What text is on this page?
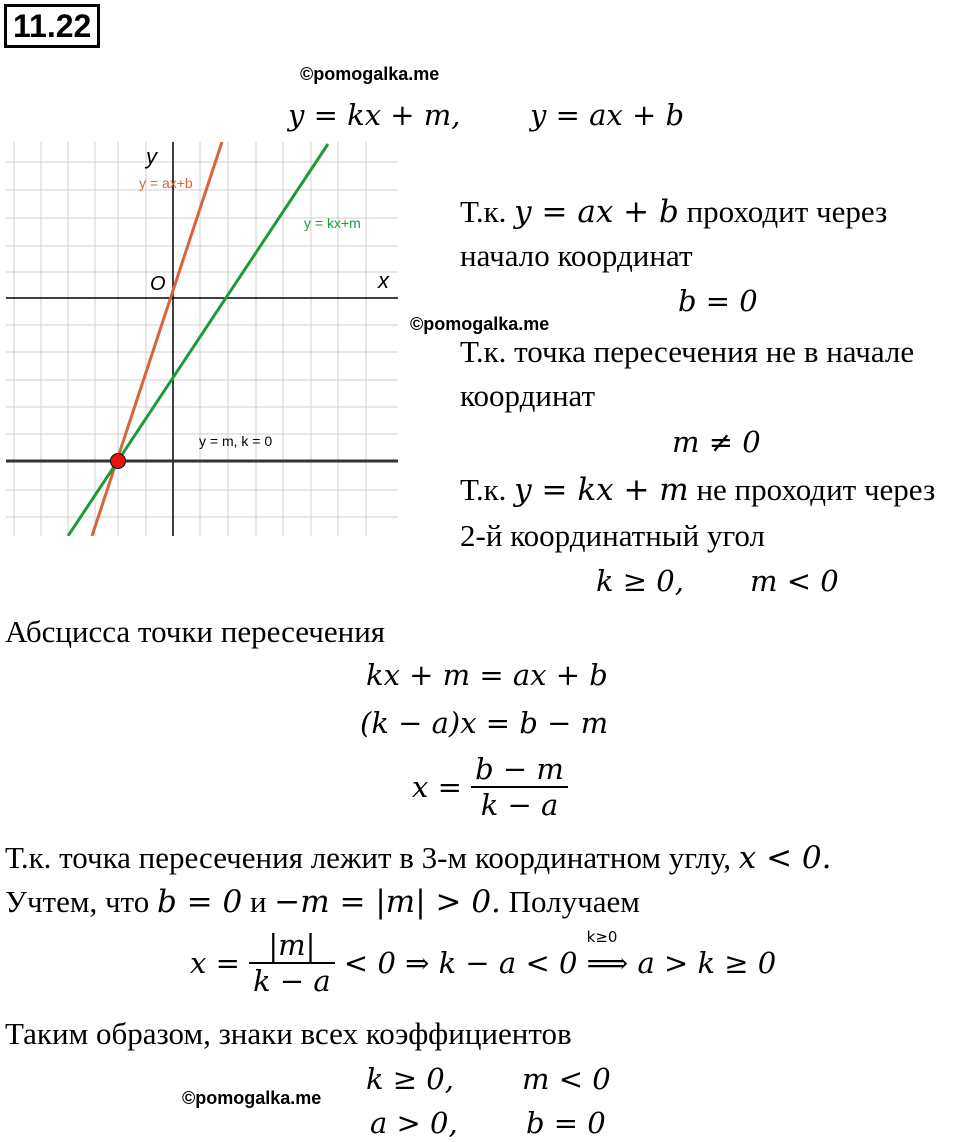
11.22
©pomogalka.me
©pomogalka.me
©pomogalka.me
y = kx + m, y = ax + b
y
x
O
y = ax+b
y = kx+m
y = m, k = 0
Т.к. y = ax + b проходит через
начало координат
b = 0
Т.к. точка пересечения не в начале
координат
m ≠ 0
Т.к. y = kx + m не проходит через
2-й координатный угол
k ≥ 0, m < 0
Абсцисса точки пересечения
kx + m = ax + b
(k − a)x = b − m
$x = \frac{b - m}{k - a}$
Т.к. точка пересечения лежит в 3-м координатном углу, x < 0.
Учтем, что b = 0 и −m = |m| > 0. Получаем
$x = \frac{|m|}{k - a} < 0$ ⇒ k − a < 0
k≥0
⟹ a > k ≥ 0
Таким образом, знаки всех коэффициентов
k ≥ 0, m < 0
a > 0, b = 0
